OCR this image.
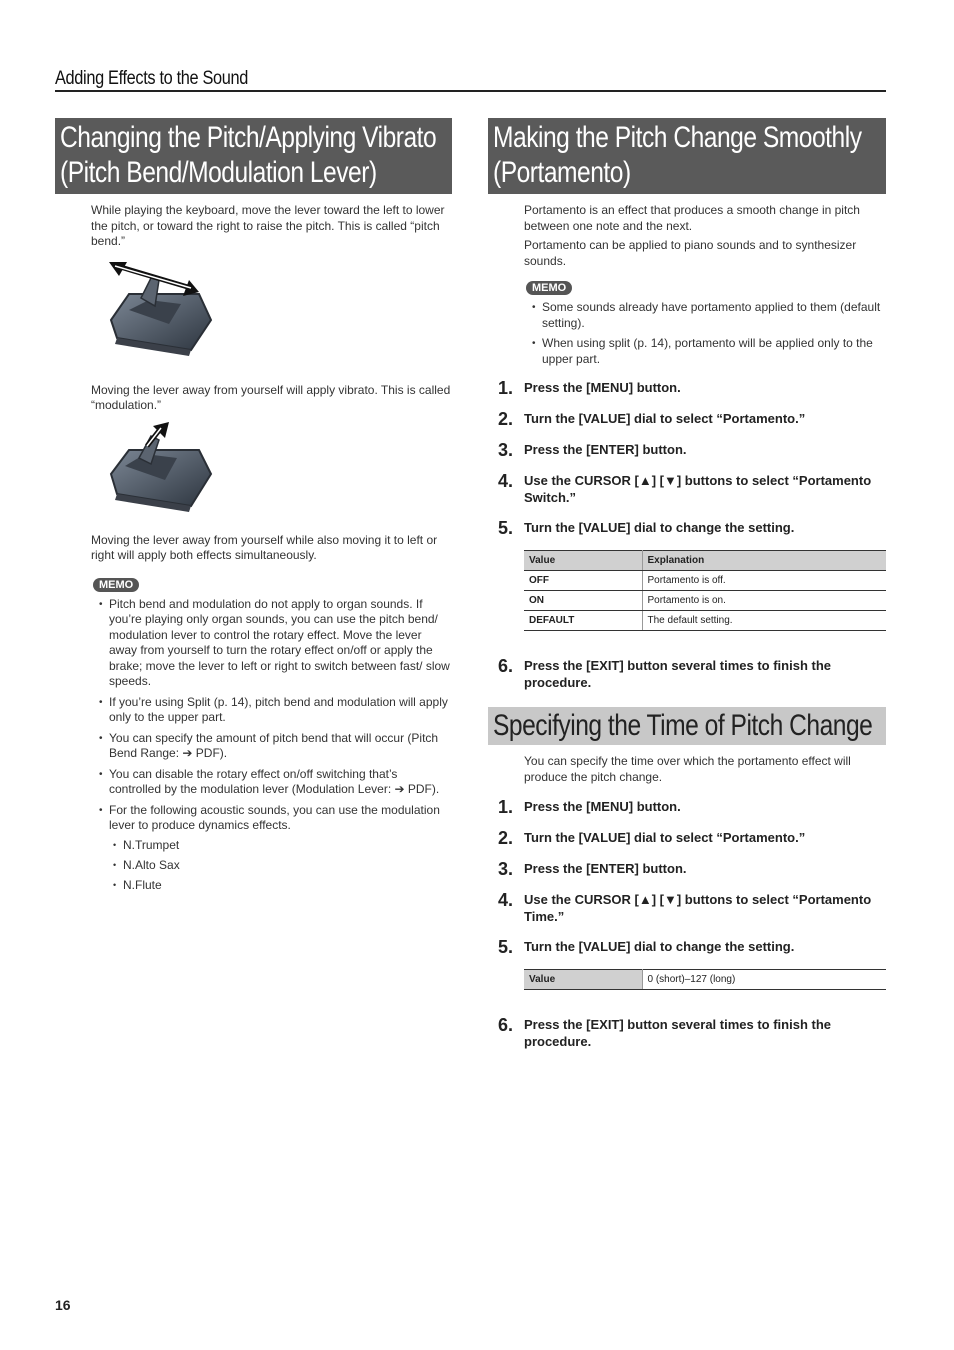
Adding Effects to the Sound
Changing the Pitch/Applying Vibrato
(Pitch Bend/Modulation Lever)

While playing the keyboard, move the lever toward the left to lower the pitch, or toward the right to raise the pitch. This is called “pitch bend.”

Moving the lever away from yourself will apply vibrato. This is called “modulation.”

Moving the lever away from yourself while also moving it to left or right will apply both effects simultaneously.

MEMO
• Pitch bend and modulation do not apply to organ sounds. If you’re playing only organ sounds, you can use the pitch bend/ modulation lever to control the rotary effect. Move the lever away from yourself to turn the rotary effect on/off or apply the brake; move the lever to left or right to switch between fast/ slow speeds.
• If you’re using Split (p. 14), pitch bend and modulation will apply only to the upper part.
• You can specify the amount of pitch bend that will occur (Pitch Bend Range: ➔ PDF).
• You can disable the rotary effect on/off switching that’s controlled by the modulation lever (Modulation Lever: ➔ PDF).
• For the following acoustic sounds, you can use the modulation lever to produce dynamics effects.
• N.Trumpet
• N.Alto Sax
• N.Flute
Making the Pitch Change Smoothly
(Portamento)

Portamento is an effect that produces a smooth change in pitch between one note and the next.

Portamento can be applied to piano sounds and to synthesizer sounds.

MEMO
• Some sounds already have portamento applied to them (default setting).
• When using split (p. 14), portamento will be applied only to the upper part.
1. Press the [MENU] button.
2. Turn the [VALUE] dial to select “Portamento.”
3. Press the [ENTER] button.
4. Use the CURSOR [▲] [▼] buttons to select “Portamento Switch.”
5. Turn the [VALUE] dial to change the setting.
Value	Explanation
OFF	Portamento is off.
ON	Portamento is on.
DEFAULT	The default setting.
6. Press the [EXIT] button several times to finish the procedure.
Specifying the Time of Pitch Change

You can specify the time over which the portamento effect will produce the pitch change.

1. Press the [MENU] button.
2. Turn the [VALUE] dial to select “Portamento.”
3. Press the [ENTER] button.
4. Use the CURSOR [▲] [▼] buttons to select “Portamento Time.”
5. Turn the [VALUE] dial to change the setting.
Value	0 (short)–127 (long)
6. Press the [EXIT] button several times to finish the procedure.
16
